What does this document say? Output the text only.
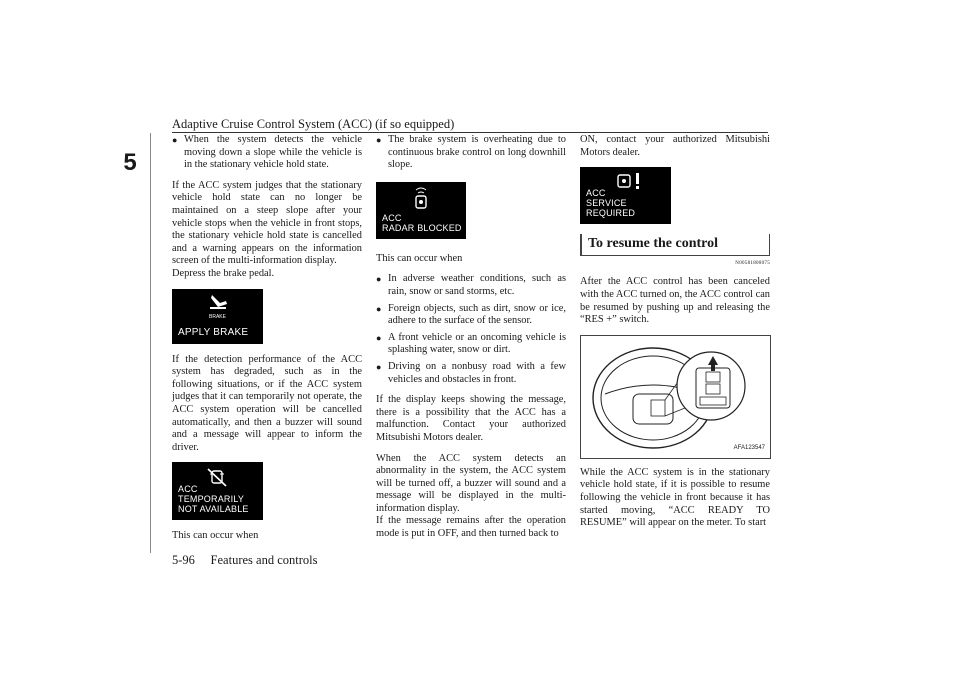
Adaptive Cruise Control System (ACC) (if so equipped)
5
● When the system detects the vehicle moving down a slope while the vehicle is in the stationary vehicle hold state.

If the ACC system judges that the stationary vehicle hold state can no longer be maintained on a steep slope after your vehicle stops when the vehicle in front stops, the stationary vehicle hold state is cancelled and a warning appears on the information screen of the multi-information display.

Depress the brake pedal.

BRAKE
APPLY BRAKE

If the detection performance of the ACC system has degraded, such as in the following situations, or if the ACC system judges that it can temporarily not operate, the ACC system operation will be cancelled automatically, and then a buzzer will sound and a message will appear to inform the driver.

ACC TEMPORARILY
NOT AVAILABLE

This can occur when

● The brake system is overheating due to continuous brake control on long downhill slope.
ACC
RADAR BLOCKED

This can occur when

● In adverse weather conditions, such as rain, snow or sand storms, etc.
● Foreign objects, such as dirt, snow or ice, adhere to the surface of the sensor.
● A front vehicle or an oncoming vehicle is splashing water, snow or dirt.
● Driving on a nonbusy road with a few vehicles and obstacles in front.

If the display keeps showing the message, there is a possibility that the ACC has a malfunction. Contact your authorized Mitsubishi Motors dealer.

When the ACC system detects an abnormality in the system, the ACC system will be turned off, a buzzer will sound and a message will be displayed in the multi-information display.

If the message remains after the operation mode is put in OFF, and then turned back to

ON, contact your authorized Mitsubishi Motors dealer.

ACC
SERVICE REQUIRED
To resume the control
N00581800075

After the ACC control has been canceled with the ACC turned on, the ACC control can be resumed by pushing up and releasing the “RES +” switch.

AFA123547

While the ACC system is in the stationary vehicle hold state, if it is possible to resume following the vehicle in front because it has started moving, “ACC READY TO RESUME” will appear on the meter. To start

5-96 Features and controls
